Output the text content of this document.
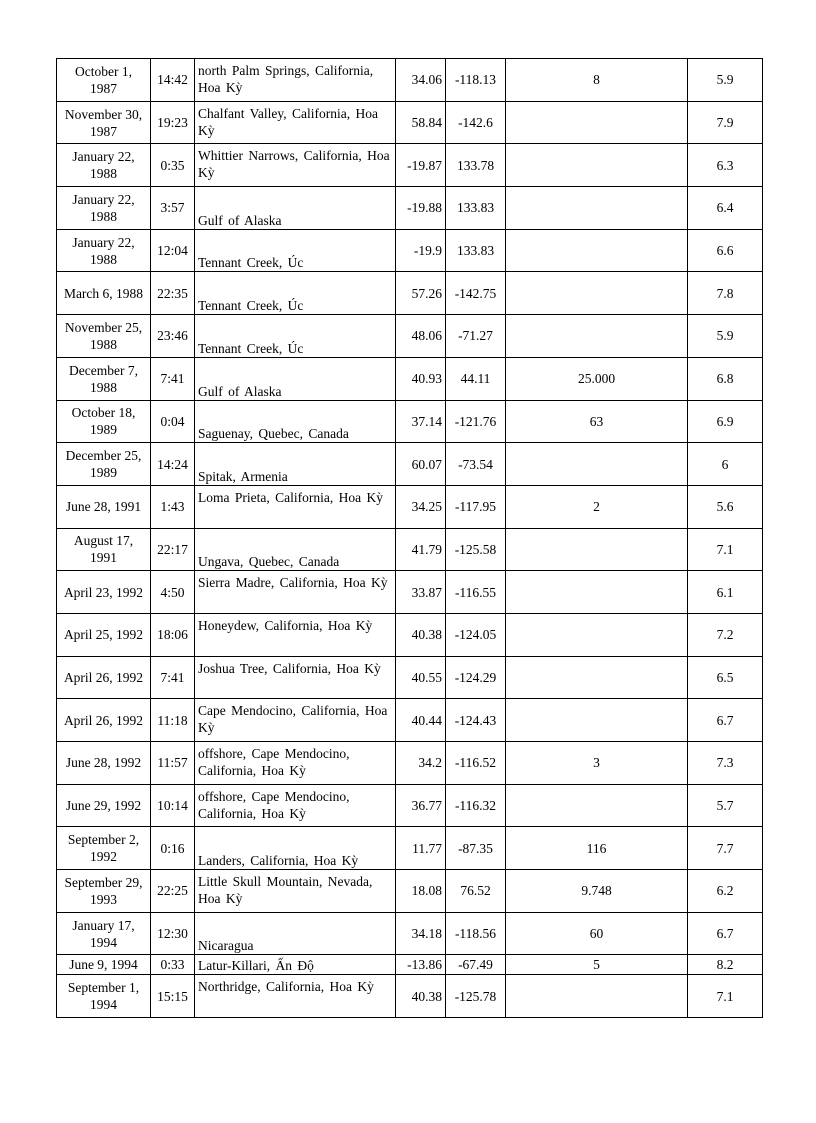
October 1, 1987	14:42	north Palm Springs, California, Hoa Kỳ	34.06	-118.13	8	5.9
November 30, 1987	19:23	Chalfant Valley, California, Hoa Kỳ	58.84	-142.6		7.9
January 22, 1988	0:35	Whittier Narrows, California, Hoa Kỳ	-19.87	133.78		6.3
January 22, 1988	3:57	Gulf of Alaska	-19.88	133.83		6.4
January 22, 1988	12:04	Tennant Creek, Úc	-19.9	133.83		6.6
March 6, 1988	22:35	Tennant Creek, Úc	57.26	-142.75		7.8
November 25, 1988	23:46	Tennant Creek, Úc	48.06	-71.27		5.9
December 7, 1988	7:41	Gulf of Alaska	40.93	44.11	25.000	6.8
October 18, 1989	0:04	Saguenay, Quebec, Canada	37.14	-121.76	63	6.9
December 25, 1989	14:24	Spitak, Armenia	60.07	-73.54		6
June 28, 1991	1:43	Loma Prieta, California, Hoa Kỳ	34.25	-117.95	2	5.6
August 17, 1991	22:17	Ungava, Quebec, Canada	41.79	-125.58		7.1
April 23, 1992	4:50	Sierra Madre, California, Hoa Kỳ	33.87	-116.55		6.1
April 25, 1992	18:06	Honeydew, California, Hoa Kỳ	40.38	-124.05		7.2
April 26, 1992	7:41	Joshua Tree, California, Hoa Kỳ	40.55	-124.29		6.5
April 26, 1992	11:18	Cape Mendocino, California, Hoa Kỳ	40.44	-124.43		6.7
June 28, 1992	11:57	offshore, Cape Mendocino, California, Hoa Kỳ	34.2	-116.52	3	7.3
June 29, 1992	10:14	offshore, Cape Mendocino, California, Hoa Kỳ	36.77	-116.32		5.7
September 2, 1992	0:16	Landers, California, Hoa Kỳ	11.77	-87.35	116	7.7
September 29, 1993	22:25	Little Skull Mountain, Nevada, Hoa Kỳ	18.08	76.52	9.748	6.2
January 17, 1994	12:30	Nicaragua	34.18	-118.56	60	6.7
June 9, 1994	0:33	Latur-Killari, Ấn Độ	-13.86	-67.49	5	8.2
September 1, 1994	15:15	Northridge, California, Hoa Kỳ	40.38	-125.78		7.1
